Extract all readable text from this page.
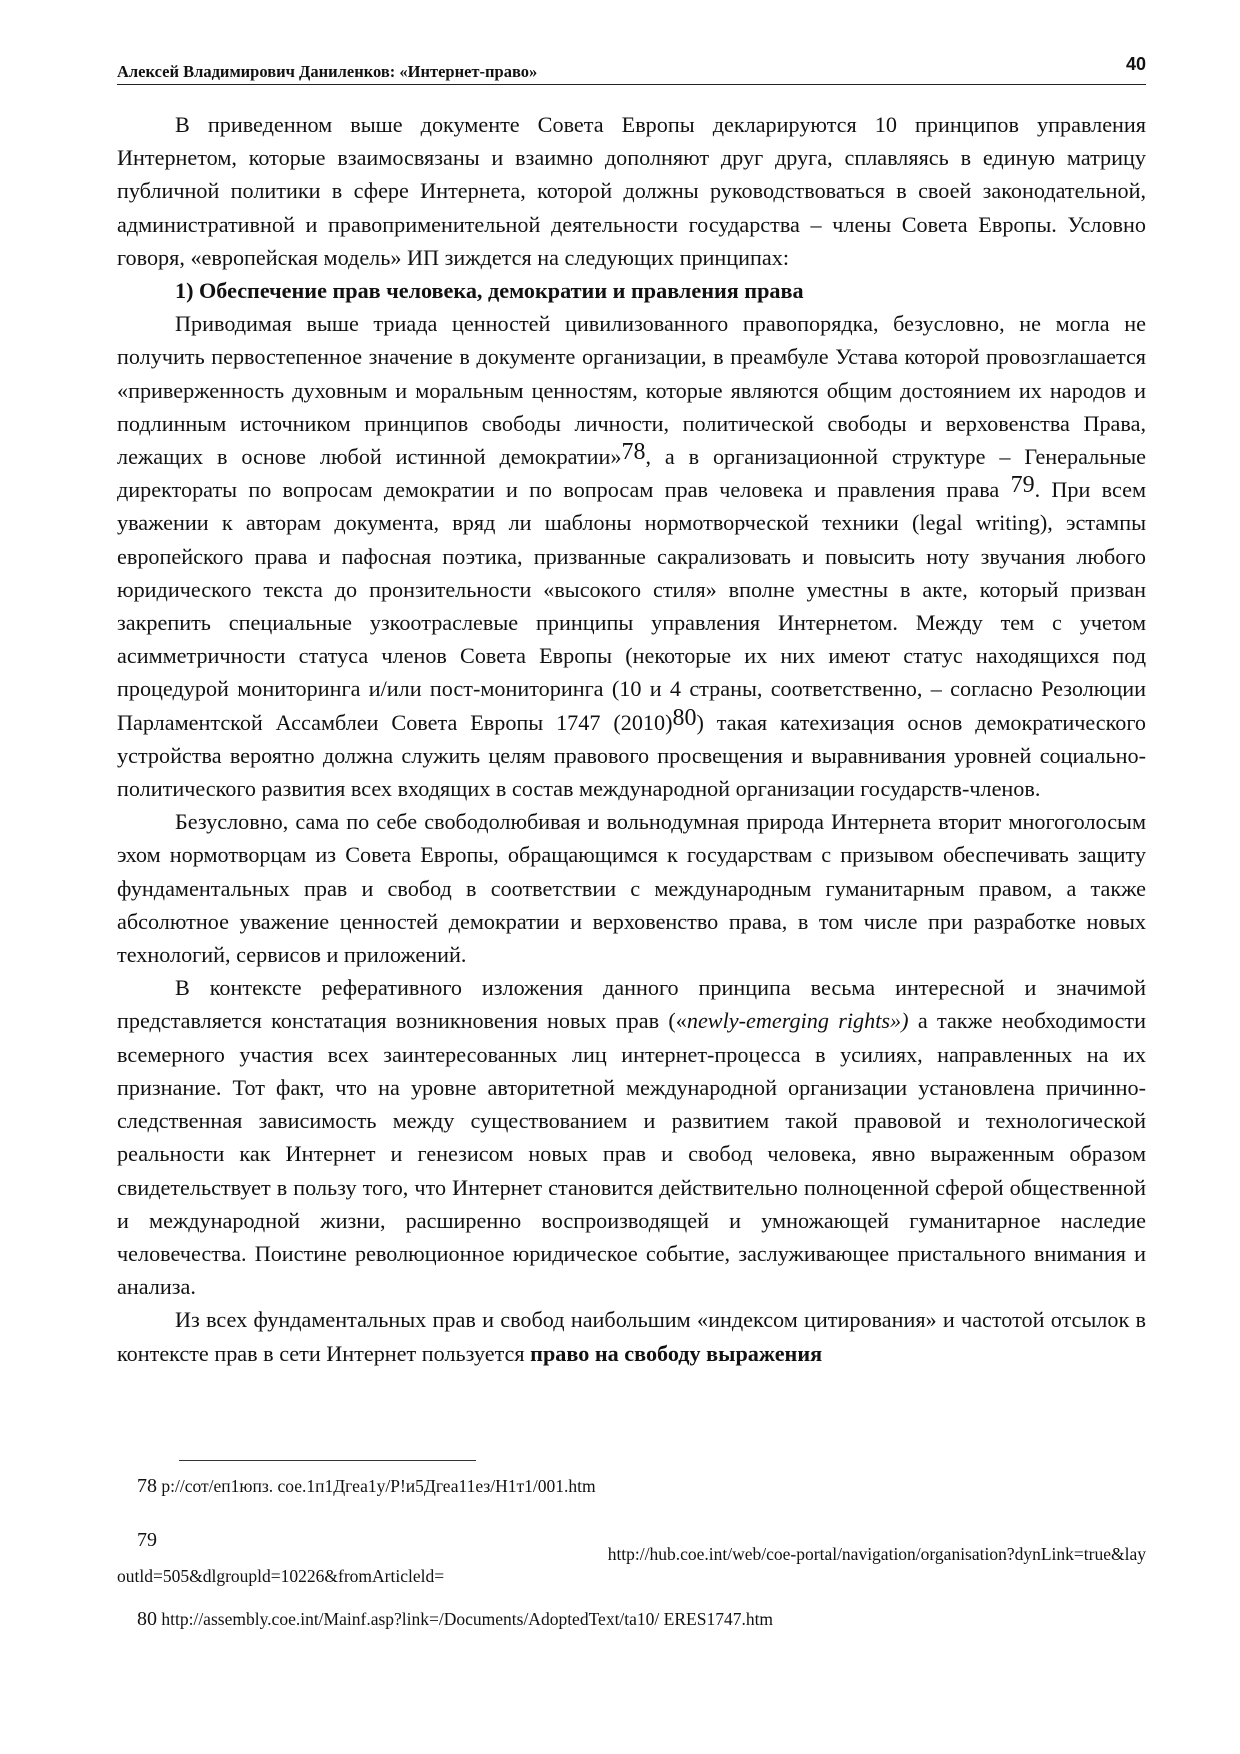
Алексей Владимирович Даниленков: «Интернет-право»	40

В приведенном выше документе Совета Европы декларируются 10 принципов управления Интернетом, которые взаимосвязаны и взаимно дополняют друг друга, сплавляясь в единую матрицу публичной политики в сфере Интернета, которой должны руководствоваться в своей законодательной, административной и правоприменительной деятельности государства – члены Совета Европы. Условно говоря, «европейская модель» ИП зиждется на следующих принципах:

1) Обеспечение прав человека, демократии и правления права

Приводимая выше триада ценностей цивилизованного правопорядка, безусловно, не могла не получить первостепенное значение в документе организации, в преамбуле Устава которой провозглашается «приверженность духовным и моральным ценностям, которые являются общим достоянием их народов и подлинным источником принципов свободы личности, политической свободы и верховенства Права, лежащих в основе любой истинной демократии»78, а в организационной структуре – Генеральные директораты по вопросам демократии и по вопросам прав человека и правления права 79. При всем уважении к авторам документа, вряд ли шаблоны нормотворческой техники (legal writing), эстампы европейского права и пафосная поэтика, призванные сакрализовать и повысить ноту звучания любого юридического текста до пронзительности «высокого стиля» вполне уместны в акте, который призван закрепить специальные узкоотраслевые принципы управления Интернетом. Между тем с учетом асимметричности статуса членов Совета Европы (некоторые их них имеют статус находящихся под процедурой мониторинга и/или пост-мониторинга (10 и 4 страны, соответственно, – согласно Резолюции Парламентской Ассамблеи Совета Европы 1747 (2010)80) такая катехизация основ демократического устройства вероятно должна служить целям правового просвещения и выравнивания уровней социально-политического развития всех входящих в состав международной организации государств-членов.

Безусловно, сама по себе свободолюбивая и вольнодумная природа Интернета вторит многоголосым эхом нормотворцам из Совета Европы, обращающимся к государствам с призывом обеспечивать защиту фундаментальных прав и свобод в соответствии с международным гуманитарным правом, а также абсолютное уважение ценностей демократии и верховенство права, в том числе при разработке новых технологий, сервисов и приложений.

В контексте реферативного изложения данного принципа весьма интересной и значимой представляется констатация возникновения новых прав («newly-emerging rights») а также необходимости всемерного участия всех заинтересованных лиц интернет-процесса в усилиях, направленных на их признание. Тот факт, что на уровне авторитетной международной организации установлена причинно-следственная зависимость между существованием и развитием такой правовой и технологической реальности как Интернет и генезисом новых прав и свобод человека, явно выраженным образом свидетельствует в пользу того, что Интернет становится действительно полноценной сферой общественной и международной жизни, расширенно воспроизводящей и умножающей гуманитарное наследие человечества. Поистине революционное юридическое событие, заслуживающее пристального внимания и анализа.

Из всех фундаментальных прав и свобод наибольшим «индексом цитирования» и частотой отсылок в контексте прав в сети Интернет пользуется право на свободу выражения

78 р://сот/еп1юпз. сое.1п1Дгеа1у/Р!и5Дгеа11ез/Н1т1/001.htm
79
http://hub.coe.int/web/coe-portal/navigation/organisation?dynLink=true&lay
outld=505&dlgroupld=10226&fromArticleld=
80 http://assembly.coe.int/Mainf.asp?link=/Documents/AdoptedText/ta10/ ERES1747.htm
